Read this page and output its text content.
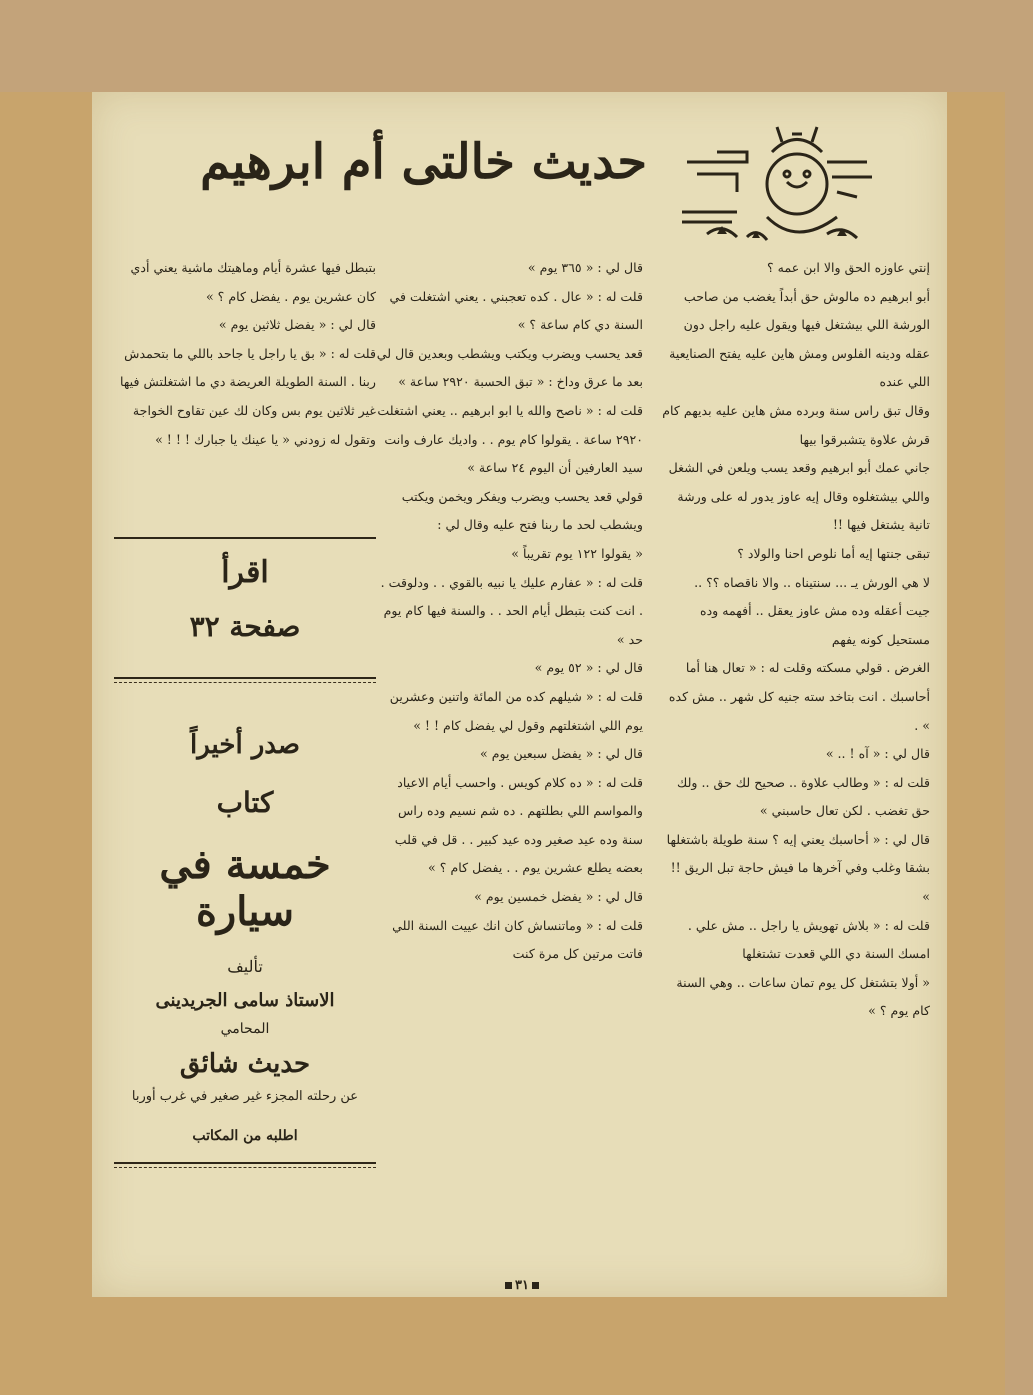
حديث خالتى أم ابرهيم

إنتي عاوزه الحق والا ابن عمه ؟

أبو ابرهيم ده مالوش حق أبداً يغضب من صاحب الورشة اللي بيشتغل فيها ويقول عليه راجل دون عقله ودينه الفلوس ومش هاين عليه يفتح الصنايعية اللي عنده

وقال تبق راس سنة وبرده مش هاين عليه بديهم كام قرش علاوة يتشبرقوا بيها

جاني عمك أبو ابرهيم وقعد يسب ويلعن في الشغل واللي بيشتغلوه وقال إيه عاوز يدور له على ورشة تانية يشتغل فيها !!

تبقى جنتها إيه أما نلوص احنا والولاد ؟

لا هي الورش يـ ... سنتيناه .. والا ناقصاه ؟؟ ..

جيت أعقله وده مش عاوز يعقل .. أفهمه وده مستحيل كونه يفهم

الغرض . قولي مسكته وقلت له : « تعال هنا أما أحاسبك . انت بتاخد سته جنيه كل شهر .. مش كده » .

قال لي : « آه ! .. »

قلت له : « وطالب علاوة .. صحيح لك حق .. ولك حق تغضب . لكن تعال حاسبني »

قال لي : « أحاسبك يعني إيه ؟ سنة طويلة باشتغلها بشقا وغلب وفي آخرها ما فيش حاجة تبل الريق !! »

قلت له : « بلاش تهويش يا راجل .. مش علي . امسك السنة دي اللي قعدت تشتغلها

« أولا بتشتغل كل يوم تمان ساعات .. وهي السنة كام يوم ؟ »

قال لي : « ٣٦٥ يوم »

قلت له : « عال . كده تعجبني . يعني اشتغلت في السنة دي كام ساعة ؟ »

قعد يحسب ويضرب ويكتب ويشطب وبعدين قال لي بعد ما عرق وداخ : « تبق الحسبة ٢٩٢٠ ساعة »

قلت له : « ناصح والله يا ابو ابرهيم .. يعني اشتغلت ٢٩٢٠ ساعة . يقولوا كام يوم . . واديك عارف وانت سيد العارفين أن اليوم ٢٤ ساعة »

قولي قعد يحسب ويضرب ويفكر ويخمن ويكتب ويشطب لحد ما ربنا فتح عليه وقال لي :

« يقولوا ١٢٢ يوم تقريباً »

قلت له : « عفارم عليك يا نبيه بالقوي . . ودلوقت . . انت كنت بتبطل أيام الحد . . والسنة فيها كام يوم حد »

قال لي : « ٥٢ يوم »

قلت له : « شيلهم كده من المائة واتنين وعشرين يوم اللي اشتغلتهم وقول لي يفضل كام ! ! »

قال لي : « يفضل سبعين يوم »

قلت له : « ده كلام كويس . واحسب أيام الاعياد والمواسم اللي بطلتهم . ده شم نسيم وده راس سنة وده عيد صغير وده عيد كبير . . قل في قلب بعضه يطلع عشرين يوم . . يفضل كام ؟ »

قال لي : « يفضل خمسين يوم »

قلت له : « وماتنساش كان انك عييت السنة اللي فاتت مرتين كل مرة كنت

بتبطل فيها عشرة أيام وماهيتك ماشية يعني أدي كان عشرين يوم . يفضل كام ؟ »

قال لي : « يفضل ثلاثين يوم »

قلت له : « بق يا راجل يا جاحد باللي ما بتحمدش ربنا . السنة الطويلة العريضة دي ما اشتغلتش فيها غير ثلاثين يوم بس وكان لك عين تقاوح الخواجة وتقول له زودني « يا عينك يا جبارك ! ! ! »

اقرأ
صفحة ٣٢
صدر أخيراً
كتاب
خمسة في سيارة
تأليف
الاستاذ سامى الجريدينى
المحامي
حديث شائق
عن رحلته المجزء غير صغير في غرب أوربا
اطلبه من المكاتب
٣١
